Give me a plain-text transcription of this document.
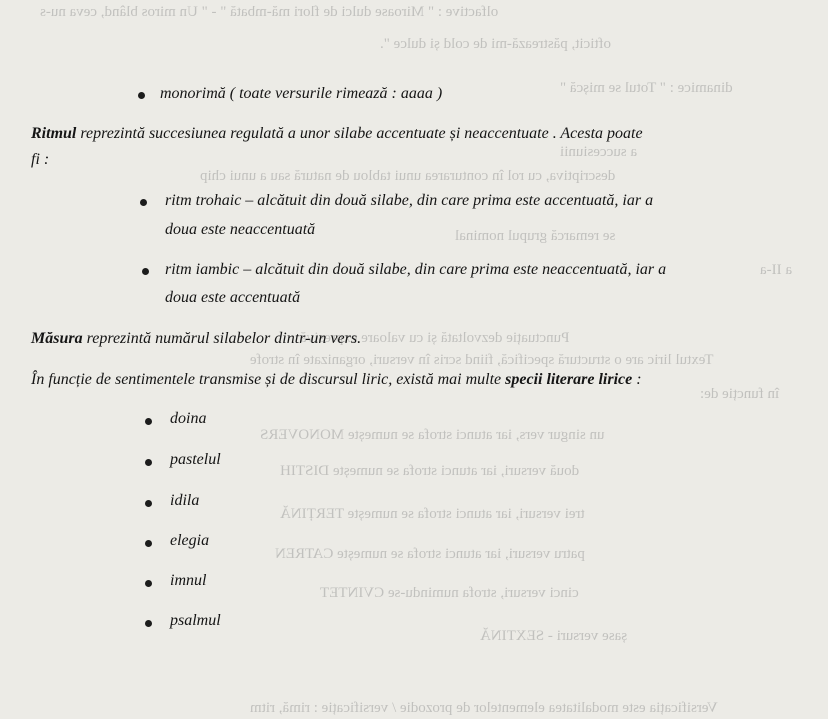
olfactive : " Miroase dulci de flori mă-mbată " - " Un miros blând, ceva nu-s
ofticit, păstrează-mi de cold și dulce ".
dinamice : " Totul se mișcă "
a succesiunii
descriptiva, cu rol în conturarea unui tablou de natură sau a unui chip
se remarcă grupul nominal
a II-a
Punctuație dezvoltată și cu valoare expresivă
Textul liric are o structură specifică, fiind scris în versuri, organizate în strofe
în funcție de:
un singur vers, iar atunci strofa se numește MONOVERS
două versuri, iar atunci strofa se numește DISTIH
trei versuri, iar atunci strofa se numește TERȚINĂ
patru versuri, iar atunci strofa se numește CATREN
cinci versuri, strofa numindu-se CVINTET
șase versuri - SEXTINĂ
Versificația este modalitatea elementelor de prozodie / versificație : rimă, ritm
monorimă ( toate versurile rimează : aaaa )
Ritmul reprezintă succesiunea regulată a unor silabe accentuate și neaccentuate . Acesta poate
fi :
ritm trohaic – alcătuit din două silabe, din care prima este accentuată, iar a
doua este neaccentuată
ritm iambic – alcătuit din două silabe, din care prima este neaccentuată, iar a
doua este accentuată
Măsura reprezintă numărul silabelor dintr-un vers.
În funcție de sentimentele transmise și de discursul liric, există mai multe specii literare lirice :
doina
pastelul
idila
elegia
imnul
psalmul
